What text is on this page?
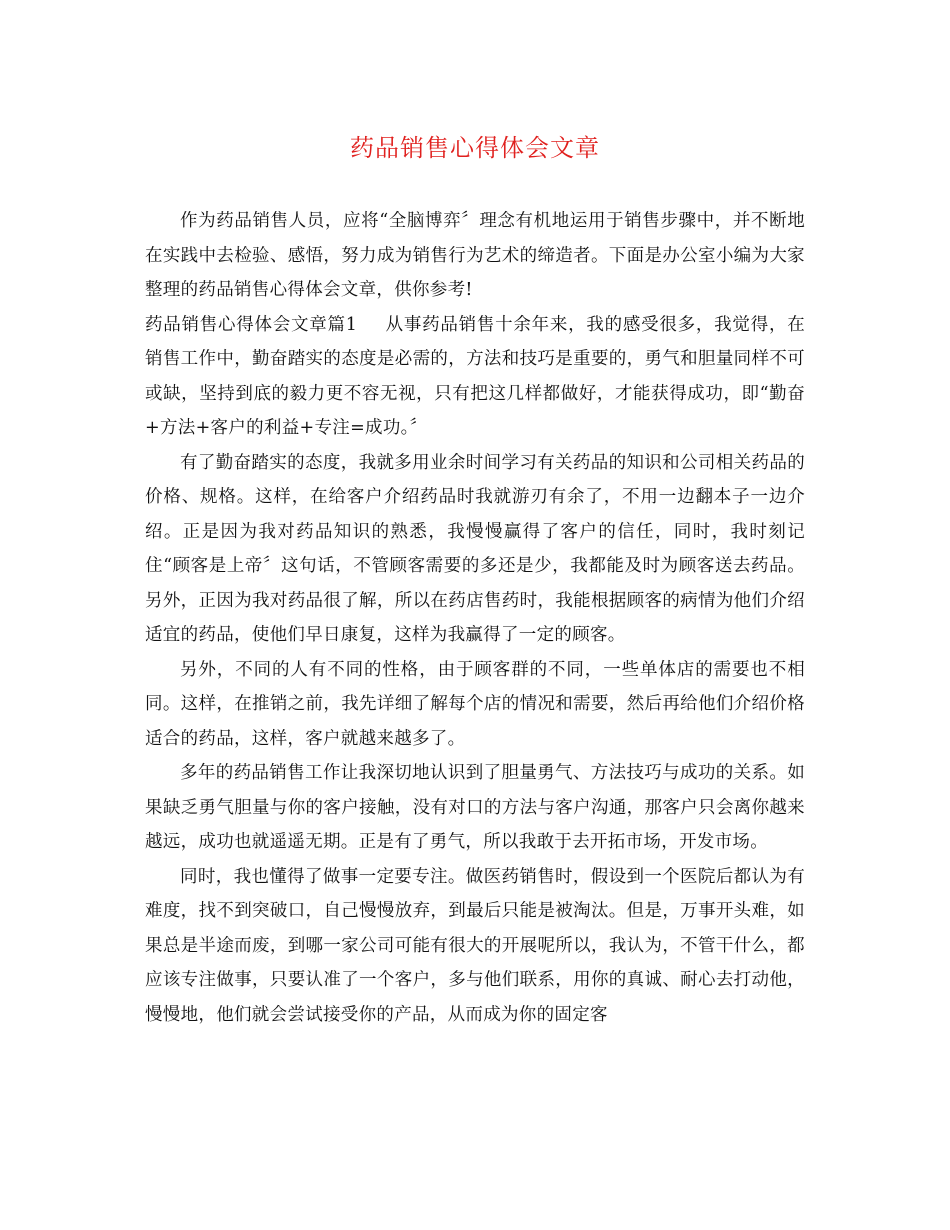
药品销售心得体会文章

作为药品销售人员，应将“全脑博弈〞理念有机地运用于销售步骤中，并不断地在实践中去检验、感悟，努力成为销售行为艺术的缔造者。下面是办公室小编为大家整理的药品销售心得体会文章，供你参考!

药品销售心得体会文章篇1 从事药品销售十余年来，我的感受很多，我觉得，在销售工作中，勤奋踏实的态度是必需的，方法和技巧是重要的，勇气和胆量同样不可或缺，坚持到底的毅力更不容无视，只有把这几样都做好，才能获得成功，即“勤奋+方法+客户的利益+专注=成功。〞

有了勤奋踏实的态度，我就多用业余时间学习有关药品的知识和公司相关药品的价格、规格。这样，在给客户介绍药品时我就游刃有余了，不用一边翻本子一边介绍。正是因为我对药品知识的熟悉，我慢慢赢得了客户的信任，同时，我时刻记住“顾客是上帝〞这句话，不管顾客需要的多还是少，我都能及时为顾客送去药品。另外，正因为我对药品很了解，所以在药店售药时，我能根据顾客的病情为他们介绍适宜的药品，使他们早日康复，这样为我赢得了一定的顾客。

另外，不同的人有不同的性格，由于顾客群的不同，一些单体店的需要也不相同。这样，在推销之前，我先详细了解每个店的情况和需要，然后再给他们介绍价格适合的药品，这样，客户就越来越多了。

多年的药品销售工作让我深切地认识到了胆量勇气、方法技巧与成功的关系。如果缺乏勇气胆量与你的客户接触，没有对口的方法与客户沟通，那客户只会离你越来越远，成功也就遥遥无期。正是有了勇气，所以我敢于去开拓市场，开发市场。

同时，我也懂得了做事一定要专注。做医药销售时，假设到一个医院后都认为有难度，找不到突破口，自己慢慢放弃，到最后只能是被淘汰。但是，万事开头难，如果总是半途而废，到哪一家公司可能有很大的开展呢所以，我认为，不管干什么，都应该专注做事，只要认准了一个客户，多与他们联系，用你的真诚、耐心去打动他，慢慢地，他们就会尝试接受你的产品，从而成为你的固定客
